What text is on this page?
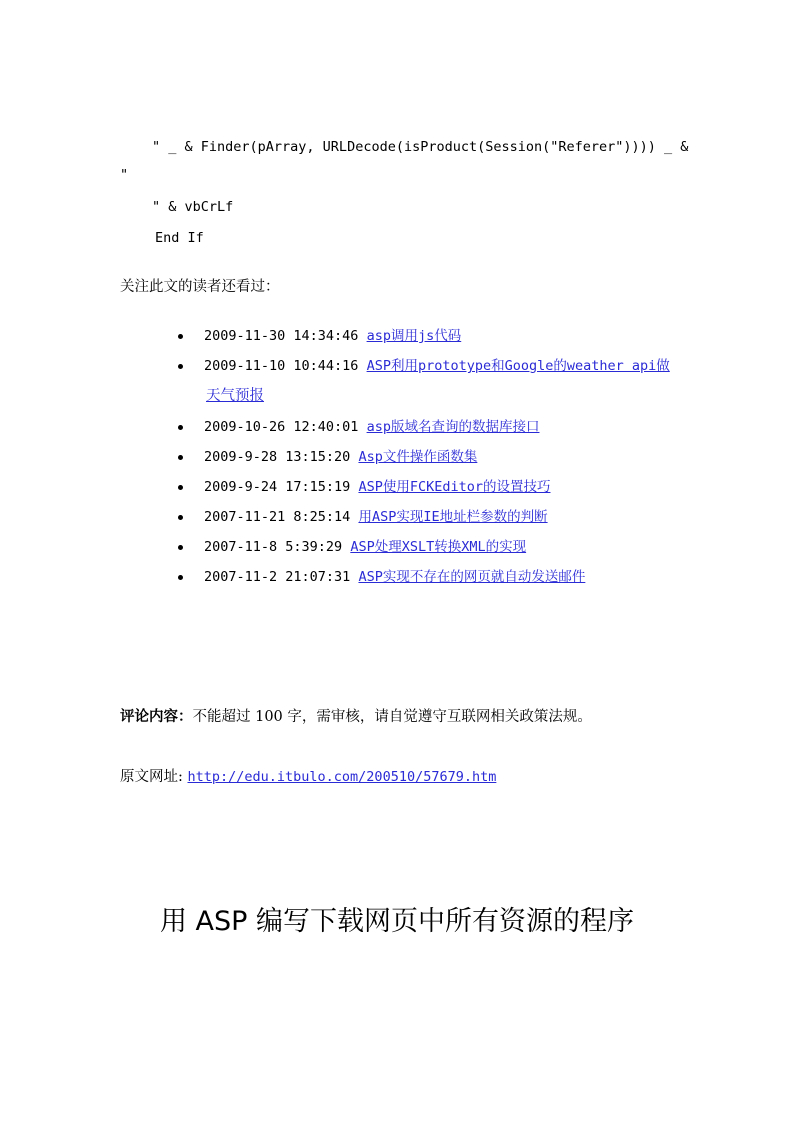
" _ & Finder(pArray, URLDecode(isProduct(Session("Referer")))) _ &
"
" & vbCrLf
End If
关注此文的读者还看过：
2009-11-30 14:34:46 asp调用js代码
2009-11-10 10:44:16 ASP利用prototype和Google的weather api做
天气预报
2009-10-26 12:40:01 asp版域名查询的数据库接口
2009-9-28 13:15:20 Asp文件操作函数集
2009-9-24 17:15:19 ASP使用FCKEditor的设置技巧
2007-11-21 8:25:14 用ASP实现IE地址栏参数的判断
2007-11-8 5:39:29 ASP处理XSLT转换XML的实现
2007-11-2 21:07:31 ASP实现不存在的网页就自动发送邮件
评论内容：不能超过 100 字，需审核，请自觉遵守互联网相关政策法规。
原文网址: http://edu.itbulo.com/200510/57679.htm
用 ASP 编写下载网页中所有资源的程序
